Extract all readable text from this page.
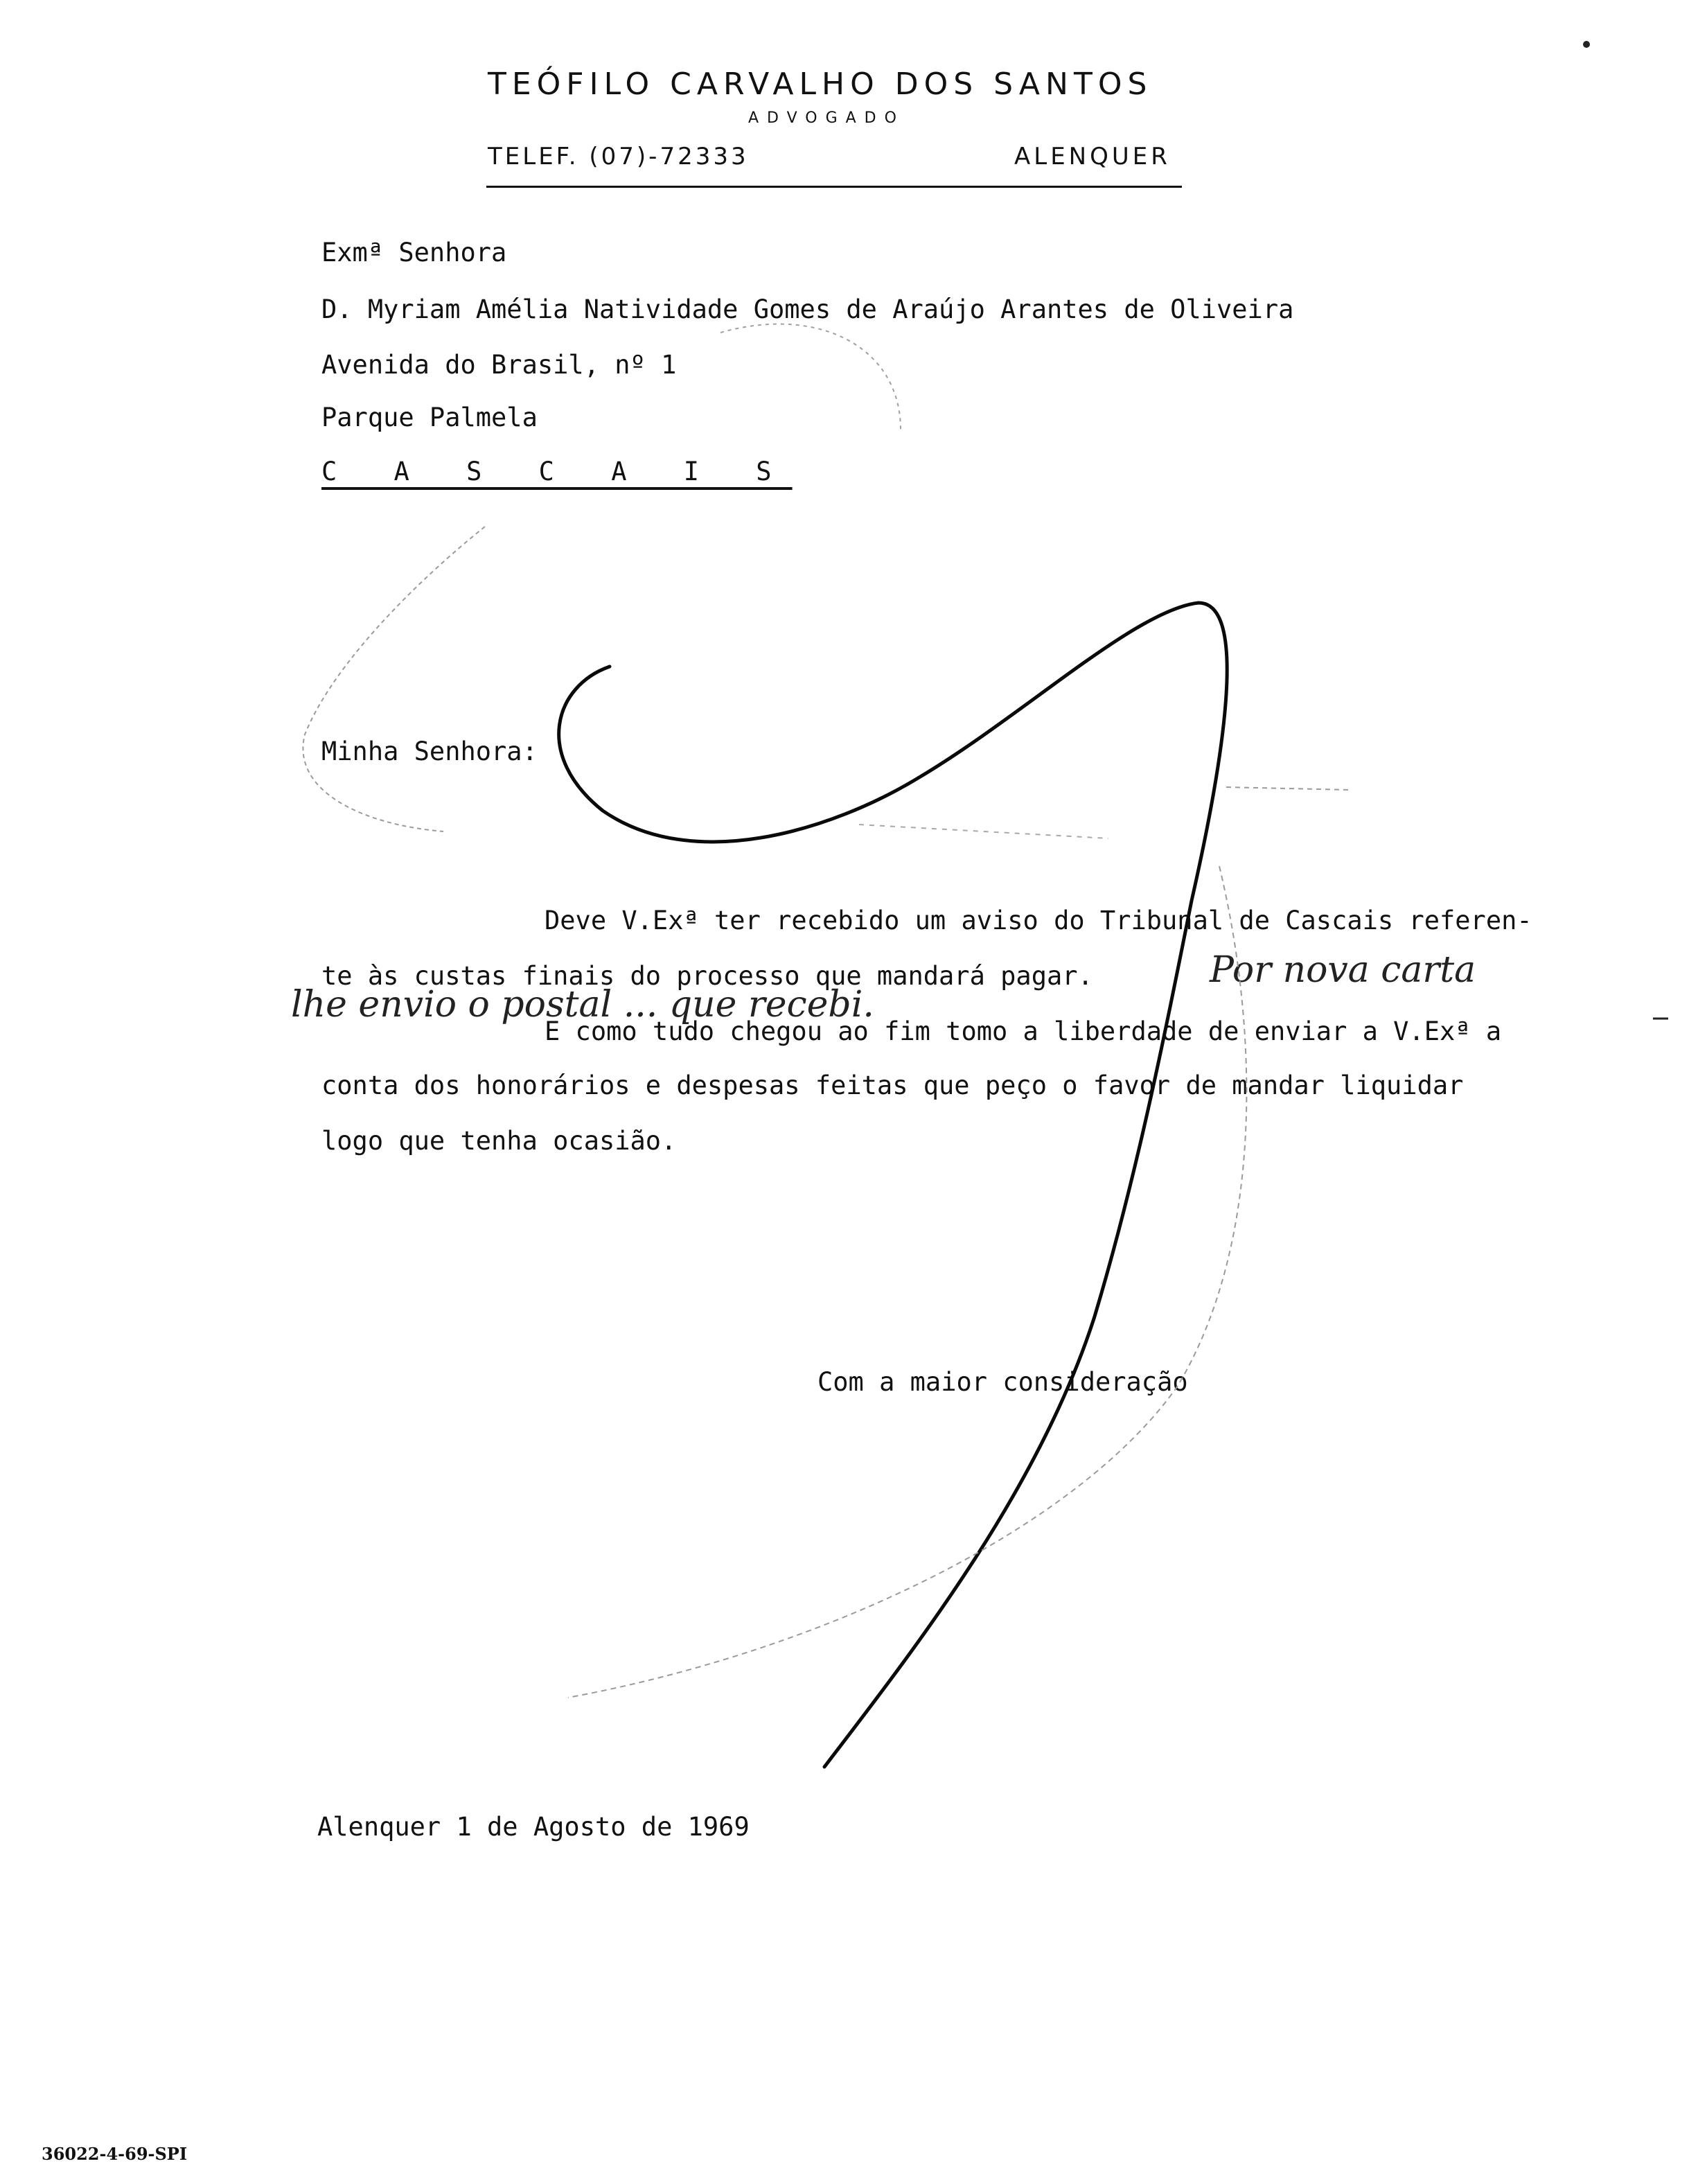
TEÓFILO CARVALHO DOS SANTOS
ADVOGADO
TELEF. (07)-72333	ALENQUER
Exmª Senhora
D. Myriam Amélia Natividade Gomes de Araújo Arantes de Oliveira
Avenida do Brasil, nº 1
Parque Palmela
C A S C A I S
Minha Senhora:
Deve V.Exª ter recebido um aviso do Tribunal de Cascais referen-
te às custas finais do processo que mandará pagar.
E como tudo chegou ao fim tomo a liberdade de enviar a V.Exª a
conta dos honorários e despesas feitas que peço o favor de mandar liquidar
logo que tenha ocasião.
Por nova carta
lhe envio o postal ... que recebi.
Com a maior consideração
Alenquer 1 de Agosto de 1969
36022-4-69-SPI
